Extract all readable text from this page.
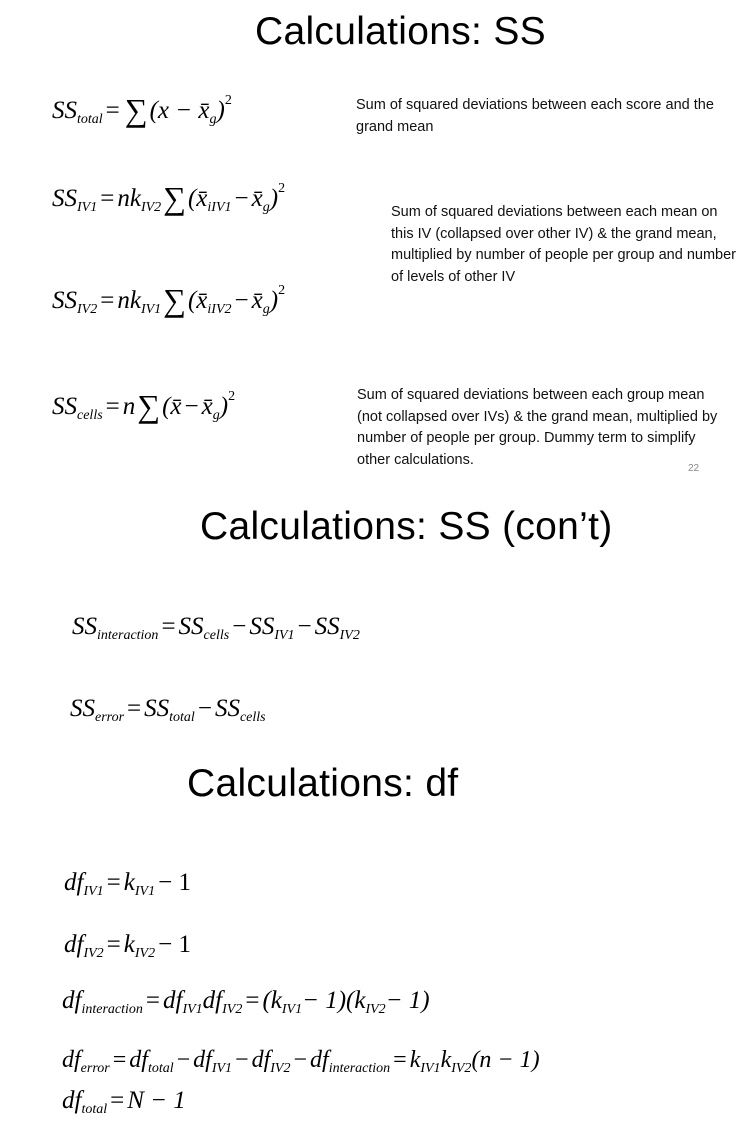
Calculations: SS
Calculations: SS (con’t)
Calculations: df
$SS_{total} = \sum(x$ − $x̄_g)^2$
$SS_{IV1}$ = $nk_{IV2}\sum(x̄_{iIV1}$ − $x̄_g)^2$
$SS_{IV2}$ = $nk_{IV1}\sum(x̄_{iIV2}$ − $x̄_g)^2$
$SS_{cells}$ = n∑(x̄ − $x̄_g)^2$
Sum of squared deviations between each score and the grand mean
Sum of squared deviations between each mean on this IV (collapsed over other IV) & the grand mean, multiplied by number of people per group and number of levels of other IV
Sum of squared deviations between each group mean (not collapsed over IVs) & the grand mean, multiplied by number of people per group. Dummy term to simplify other calculations.
22
$SS_{interaction} = SS_{cells} - SS_{IV1} - SS_{IV2}$
$SS_{error} = SS_{total} - SS_{cells}$
$df_{IV1} = k_{IV1} - 1$
$df_{IV2} = k_{IV2} - 1$
$df_{interaction} = df_{IV1}df_{IV2} = (k_{IV1}- 1)(k_{IV2}- 1)$
$df_{error} = df_{total} - df_{IV1} - df_{IV2} - df_{interaction} = k_{IV1}k_{IV2}(n - 1)$
$df_{total} = N - 1$
